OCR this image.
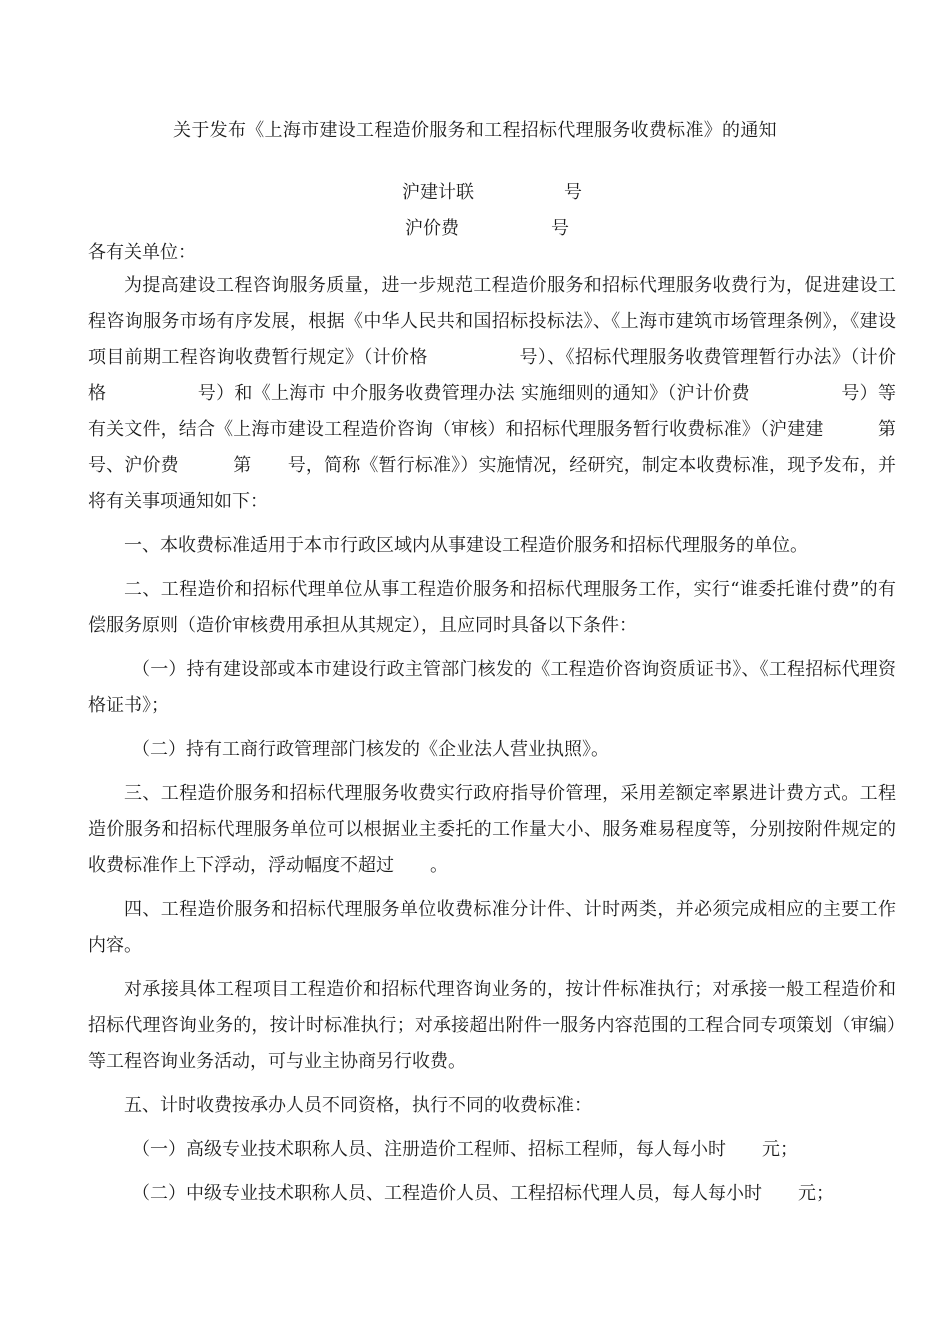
关于发布《上海市建设工程造价服务和工程招标代理服务收费标准》的通知
沪建计联	号
沪价费	号
各有关单位：

为提高建设工程咨询服务质量，进一步规范工程造价服务和招标代理服务收费行为，促进建设工程咨询服务市场有序发展，根据《中华人民共和国招标投标法》、《上海市建筑市场管理条例》，《建设项目前期工程咨询收费暂行规定》（计价格　　　　　号）、《招标代理服务收费管理暂行办法》（计价格　　　　　号）和《上海市 中介服务收费管理办法 实施细则的通知》（沪计价费　　　　　号）等有关文件，结合《上海市建设工程造价咨询（审核）和招标代理服务暂行收费标准》（沪建建　　　第　　号、沪价费　　　第　　号，简称《暂行标准》）实施情况，经研究，制定本收费标准，现予发布，并将有关事项通知如下：

一、本收费标准适用于本市行政区域内从事建设工程造价服务和招标代理服务的单位。

二、工程造价和招标代理单位从事工程造价服务和招标代理服务工作，实行“谁委托谁付费”的有偿服务原则（造价审核费用承担从其规定），且应同时具备以下条件：

（一）持有建设部或本市建设行政主管部门核发的《工程造价咨询资质证书》、《工程招标代理资格证书》；

（二）持有工商行政管理部门核发的《企业法人营业执照》。

三、工程造价服务和招标代理服务收费实行政府指导价管理，采用差额定率累进计费方式。工程造价服务和招标代理服务单位可以根据业主委托的工作量大小、服务难易程度等，分别按附件规定的收费标准作上下浮动，浮动幅度不超过　　。

四、工程造价服务和招标代理服务单位收费标准分计件、计时两类，并必须完成相应的主要工作内容。

对承接具体工程项目工程造价和招标代理咨询业务的，按计件标准执行；对承接一般工程造价和招标代理咨询业务的，按计时标准执行；对承接超出附件一服务内容范围的工程合同专项策划（审编）等工程咨询业务活动，可与业主协商另行收费。

五、计时收费按承办人员不同资格，执行不同的收费标准：

（一）高级专业技术职称人员、注册造价工程师、招标工程师，每人每小时　　元；

（二）中级专业技术职称人员、工程造价人员、工程招标代理人员，每人每小时　　元；
